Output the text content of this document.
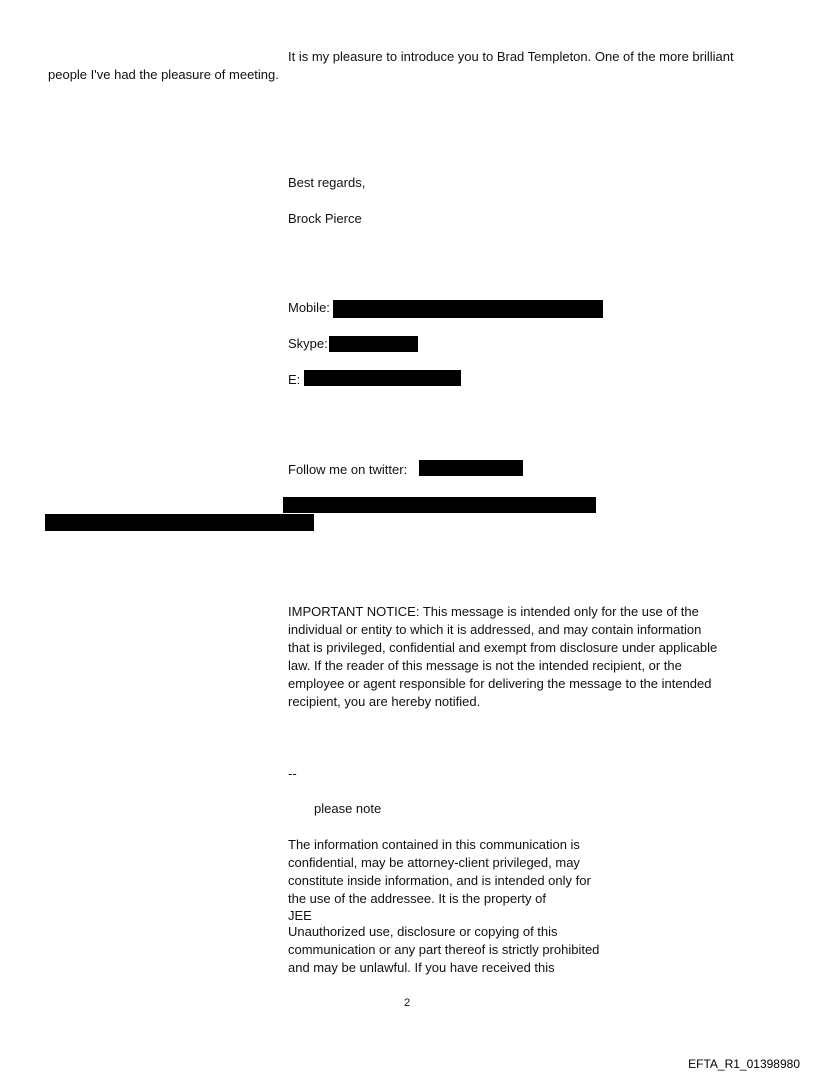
It is my pleasure to introduce you to Brad Templeton. One of the more brilliant
people I've had the pleasure of meeting.
Best regards,
Brock Pierce
Mobile:
Skype:
E:
Follow me on twitter:
IMPORTANT NOTICE: This message is intended only for the use of the
individual or entity to which it is addressed, and may contain information
that is privileged, confidential and exempt from disclosure under applicable
law. If the reader of this message is not the intended recipient, or the
employee or agent responsible for delivering the message to the intended
recipient, you are hereby notified.
--
please note
The information contained in this communication is
confidential, may be attorney-client privileged, may
constitute inside information, and is intended only for
the use of the addressee. It is the property of
JEE
Unauthorized use, disclosure or copying of this
communication or any part thereof is strictly prohibited
and may be unlawful. If you have received this
2
EFTA_R1_01398980
